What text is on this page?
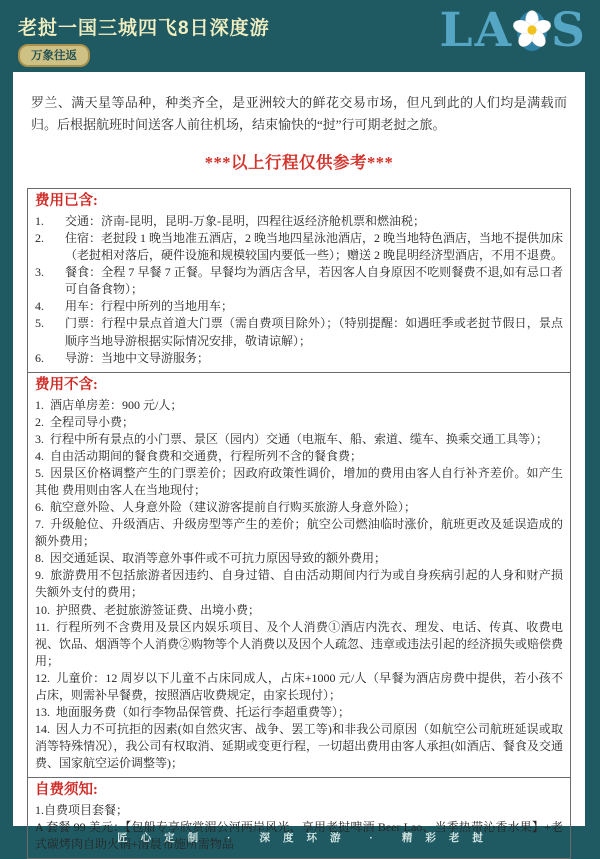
老挝一国三城四飞8日深度游
万象往返	LA S

罗兰、满天星等品种，种类齐全，是亚洲较大的鲜花交易市场，但凡到此的人们均是满载而归。后根据航班时间送客人前往机场，结束愉快的“挝”行可期老挝之旅。

***以上行程仅供参考***

费用已含:
1.	交通：济南-昆明，昆明-万象-昆明，四程往返经济舱机票和燃油税；
2.	住宿：老挝段 1 晚当地准五酒店，2 晚当地四星泳池酒店，2 晚当地特色酒店，当地不提供加床（老挝相对落后，硬件设施和规模较国内要低一些）；赠送 2 晚昆明经济型酒店，不用不退费。
3.	餐食：全程 7 早餐 7 正餐。早餐均为酒店含早，若因客人自身原因不吃则餐费不退,如有忌口者可自备食物）；
4.	用车：行程中所列的当地用车；
5.	门票：行程中景点首道大门票（需自费项目除外）；（特别提醒：如遇旺季或老挝节假日，景点顺序当地导游根据实际情况安排，敬请谅解）；
6.	导游：当地中文导游服务；
费用不含:
1. 酒店单房差：900 元/人；
2. 全程司导小费；
3. 行程中所有景点的小门票、景区（园内）交通（电瓶车、船、索道、缆车、换乘交通工具等）；
4. 自由活动期间的餐食费和交通费，行程所列不含的餐食费；
5. 因景区价格调整产生的门票差价；因政府政策性调价，增加的费用由客人自行补齐差价。如产生其他 费用则由客人在当地现付；
6. 航空意外险、人身意外险（建议游客提前自行购买旅游人身意外险）；
7. 升级舱位、升级酒店、升级房型等产生的差价；航空公司燃油临时涨价，航班更改及延误造成的额外费用；
8. 因交通延误、取消等意外事件或不可抗力原因导致的额外费用；
9. 旅游费用不包括旅游者因违约、自身过错、自由活动期间内行为或自身疾病引起的人身和财产损失额外支付的费用；
10. 护照费、老挝旅游签证费、出境小费；
11. 行程所列不含费用及景区内娱乐项目、及个人消费①酒店内洗衣、理发、电话、传真、收费电视、饮品、烟酒等个人消费②购物等个人消费以及因个人疏忽、违章或违法引起的经济损失或赔偿费用；
12. 儿童价：12 周岁以下儿童不占床同成人，占床+1000 元/人（早餐为酒店房费中提供，若小孩不占床，则需补早餐费，按照酒店收费规定，由家长现付）；
13. 地面服务费（如行李物品保管费、托运行李超重费等）；
14. 因人力不可抗拒的因素(如自然灾害、战争、罢工等)和非我公司原因（如航空公司航班延误或取消等特殊情况），我公司有权取消、延期或变更行程，一切超出费用由客人承担(如酒店、餐食及交通费、国家航空运价调整等)；
自费须知:
1.自费项目套餐；
A 套餐 99 美元：【包船专享欣赏湄公河两岸风光、享用老挝啤酒 Beer Lao、当季热带沁香水果】+老式碳烤肉自助火锅+清晨布施所需物品
匠心定制 · 深度环游 · 精彩老挝
